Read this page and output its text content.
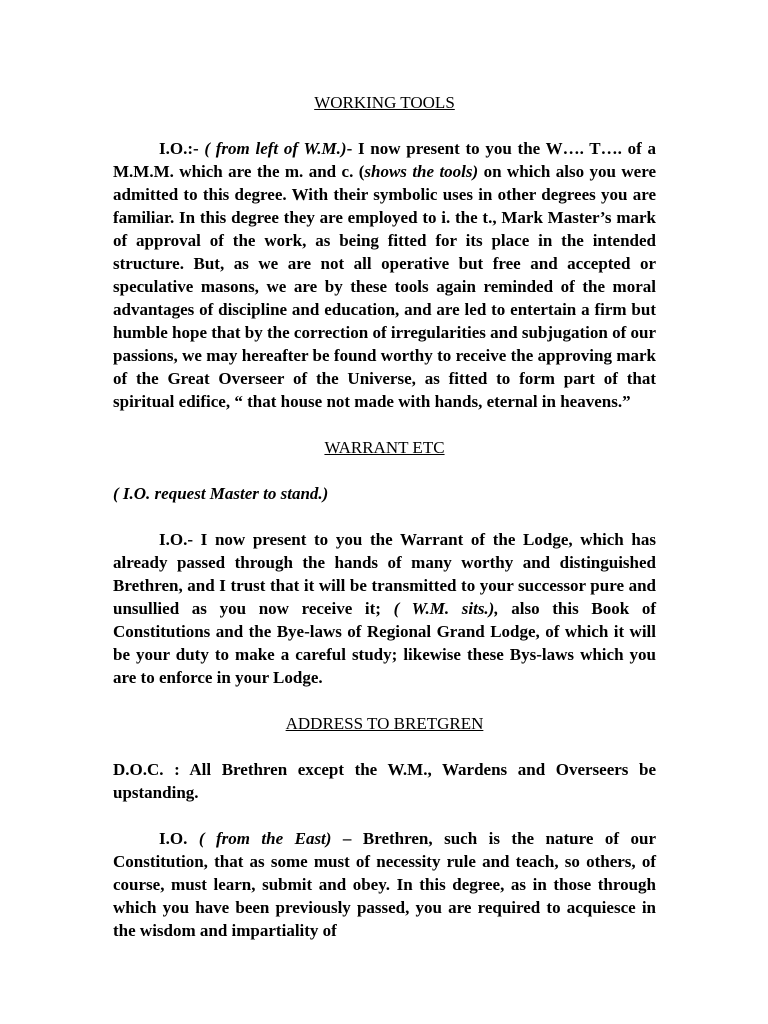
WORKING TOOLS
I.O.:- ( from left of W.M.)- I now present to you the W…. T…. of a M.M.M. which are the m. and c. (shows the tools) on which also you were admitted to this degree. With their symbolic uses in other degrees you are familiar. In this degree they are employed to i. the t., Mark Master’s mark of approval of the work, as being fitted for its place in the intended structure. But, as we are not all operative but free and accepted or speculative masons, we are by these tools again reminded of the moral advantages of discipline and education, and are led to entertain a firm but humble hope that by the correction of irregularities and subjugation of our passions, we may hereafter be found worthy to receive the approving mark of the Great Overseer of the Universe, as fitted to form part of that spiritual edifice, “ that house not made with hands, eternal in heavens.”
WARRANT ETC
( I.O. request Master to stand.)
I.O.- I now present to you the Warrant of the Lodge, which has already passed through the hands of many worthy and distinguished Brethren, and I trust that it will be transmitted to your successor pure and unsullied as you now receive it; ( W.M. sits.), also this Book of Constitutions and the Bye-laws of Regional Grand Lodge, of which it will be your duty to make a careful study; likewise these Bys-laws which you are to enforce in your Lodge.
ADDRESS TO BRETGREN
D.O.C. : All Brethren except the W.M., Wardens and Overseers be upstanding.
I.O. ( from the East) – Brethren, such is the nature of our Constitution, that as some must of necessity rule and teach, so others, of course, must learn, submit and obey. In this degree, as in those through which you have been previously passed, you are required to acquiesce in the wisdom and impartiality of
